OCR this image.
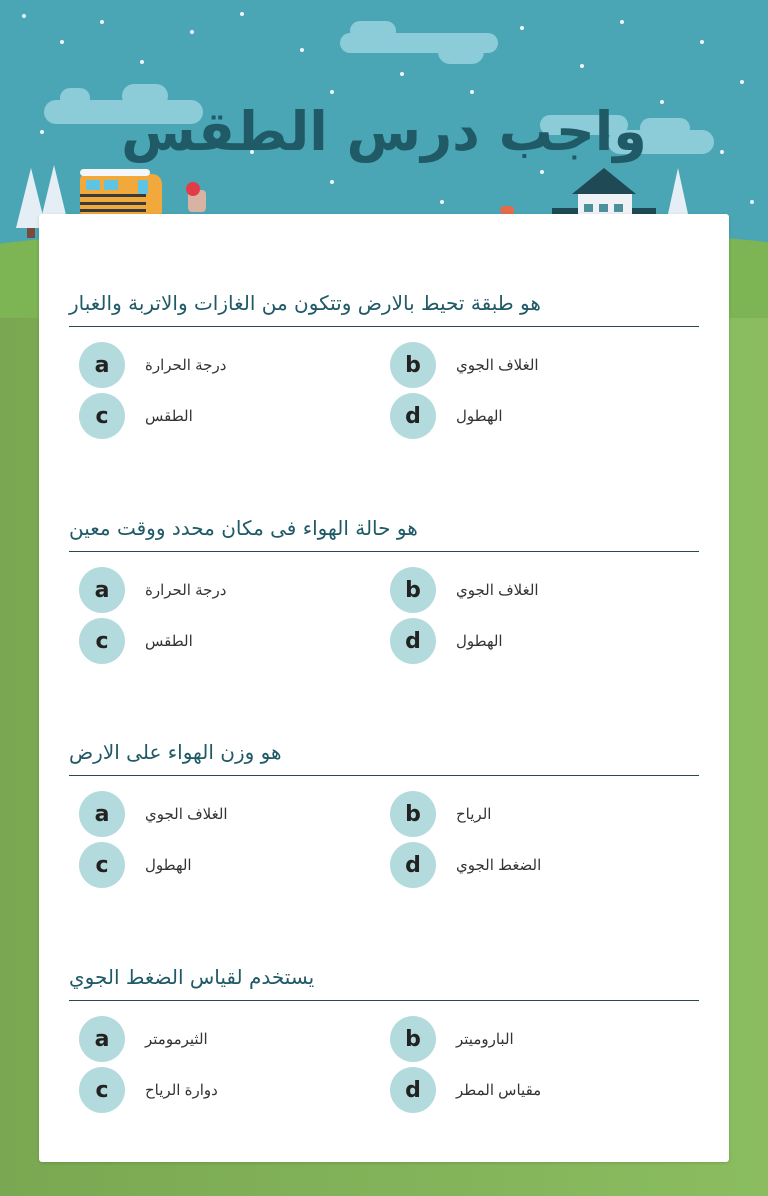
واجب درس الطقس
هو طبقة تحيط بالارض وتتكون من الغازات والاتربة والغبار
a	درجة الحرارة	b	الغلاف الجوي
c	الطقس	d	الهطول
هو حالة الهواء فى مكان محدد ووقت معين
a	درجة الحرارة	b	الغلاف الجوي
c	الطقس	d	الهطول
هو وزن الهواء على الارض
a	الغلاف الجوي	b	الرياح
c	الهطول	d	الضغط الجوي
يستخدم لقياس الضغط الجوي
a	الثيرمومتر	b	الباروميتر
c	دوارة الرياح	d	مقياس المطر
